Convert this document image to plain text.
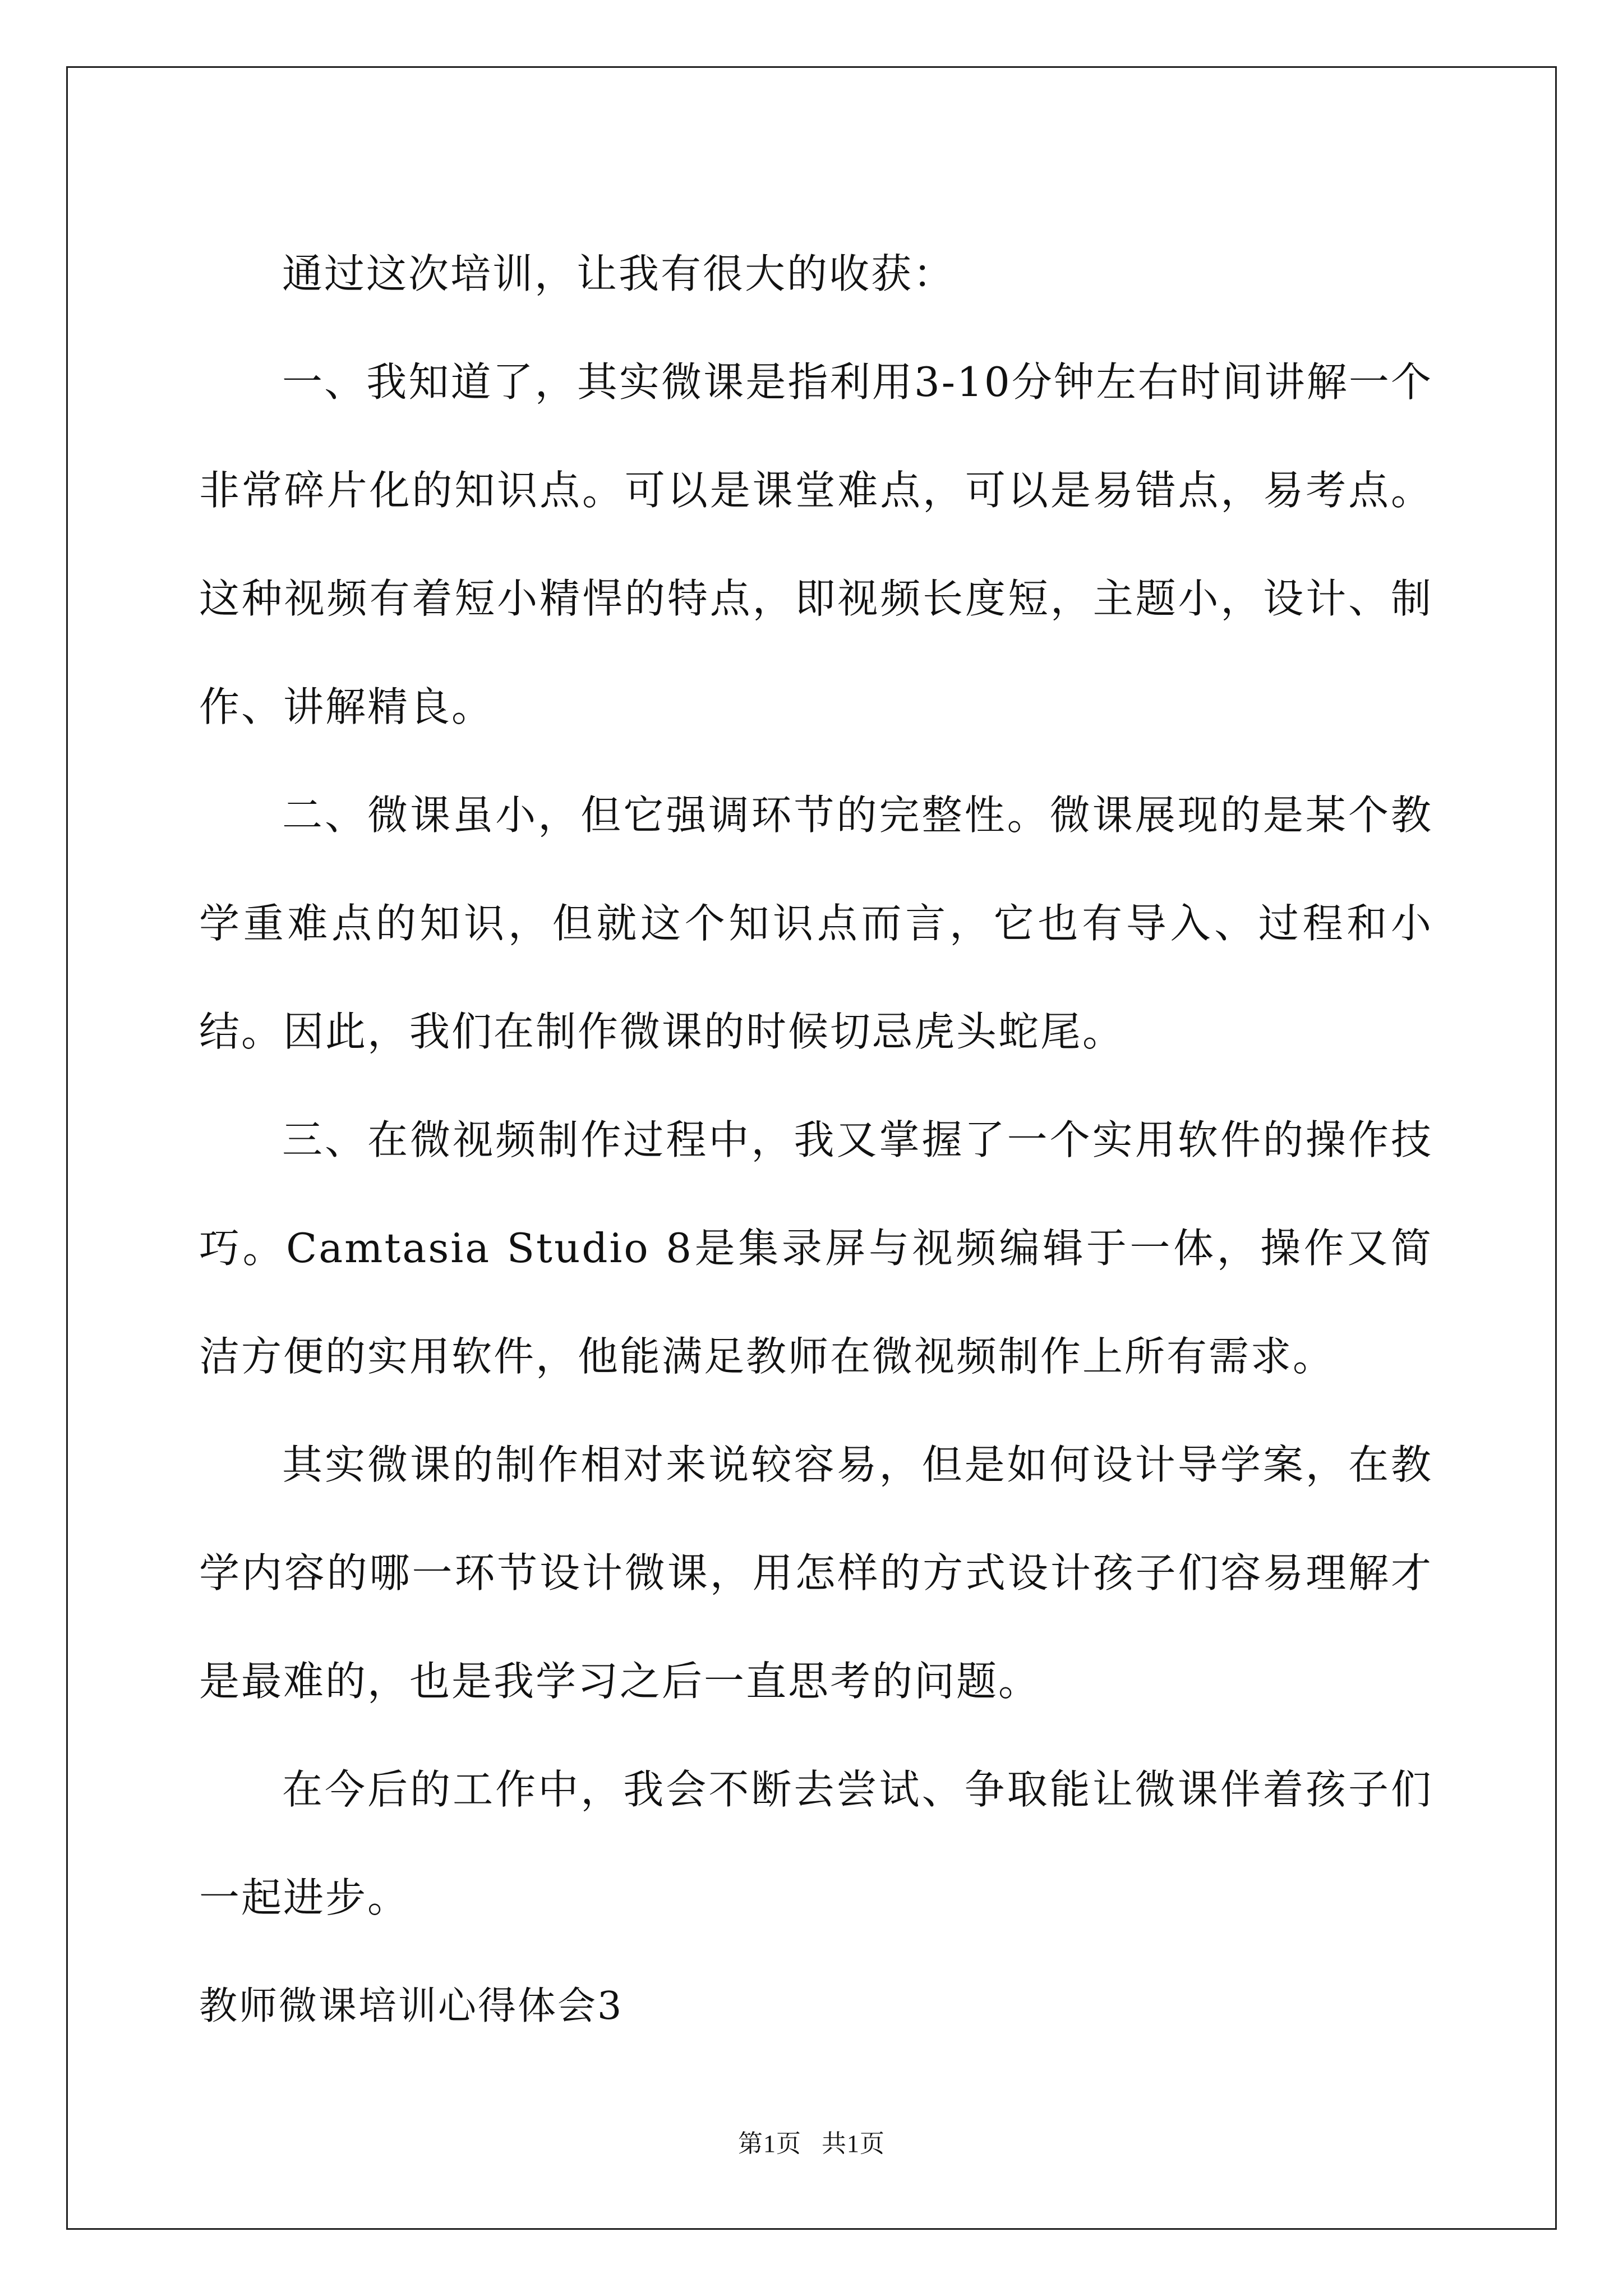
通过这次培训，让我有很大的收获：

一、我知道了，其实微课是指利用3-10分钟左右时间讲解一个非常碎片化的知识点。可以是课堂难点，可以是易错点，易考点。这种视频有着短小精悍的特点，即视频长度短，主题小，设计、制作、讲解精良。

二、微课虽小，但它强调环节的完整性。微课展现的是某个教学重难点的知识，但就这个知识点而言，它也有导入、过程和小结。因此，我们在制作微课的时候切忌虎头蛇尾。

三、在微视频制作过程中，我又掌握了一个实用软件的操作技巧。Camtasia Studio 8是集录屏与视频编辑于一体，操作又简洁方便的实用软件，他能满足教师在微视频制作上所有需求。

其实微课的制作相对来说较容易，但是如何设计导学案，在教学内容的哪一环节设计微课，用怎样的方式设计孩子们容易理解才是最难的，也是我学习之后一直思考的问题。

在今后的工作中，我会不断去尝试、争取能让微课伴着孩子们一起进步。

教师微课培训心得体会3

第1页 共1页
